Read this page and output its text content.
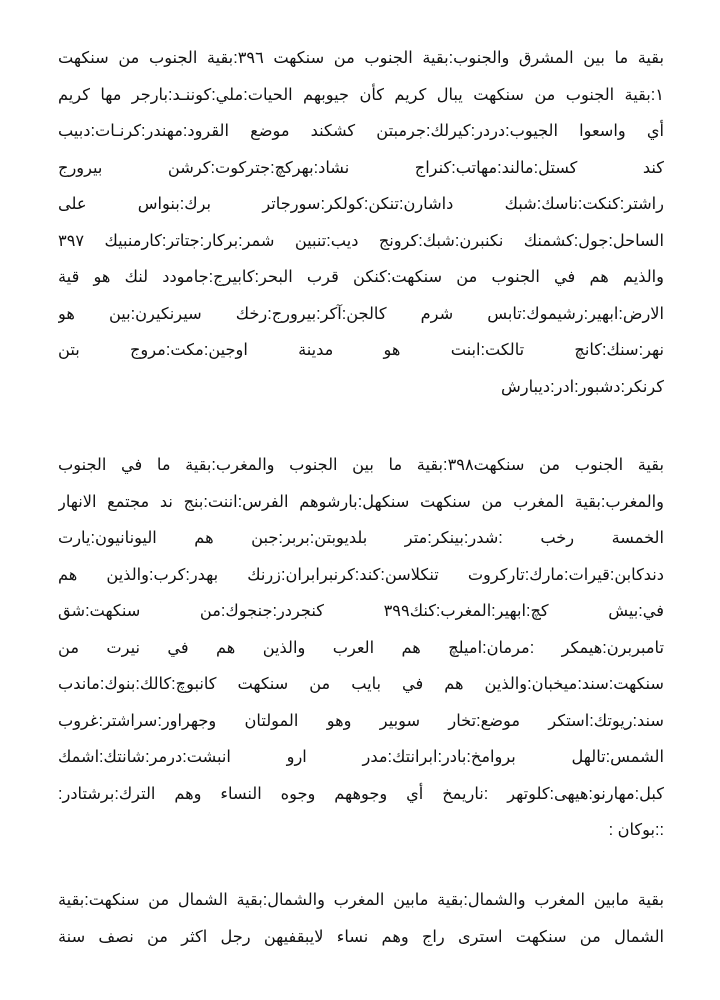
بقية ما بين المشرق والجنوب:بقية الجنوب من سنكهت ٣٩٦:بقية الجنوب من سنكهت
١:بقية الجنوب من سنكهت يبال كريم كأن جيوبهم الحيات:ملي:كوننـد:بارجر مها كريم
أي واسعوا الجيوب:دردر:كيرلك:جرمبتن كشكند موضع القرود:مهندر:كرنـات:دبيب
كند كستل:مالند:مهاتب:كنراج نشاد:بهركچ:جتركوت:كرشن بيرورج
راشتر:كنكت:ناسك:شبك داشارن:تنكن:كولكر:سورجاتر برك:بنواس على
الساحل:جول:كشمنك نكنبرن:شبك:كرونج ديب:تنبين شمر:بركار:جتاتر:كارمنبيك ٣٩٧
والذيم هم في الجنوب من سنكهت:كنكن قرب البحر:كابيرج:جامودد لنك هو قية
الارض:ابهير:رشيموك:تابس شرم كالجن:آكر:بيرورج:رخك سيرنكيرن:بين هو
نهر:سنك:كانچ تالكت:ابنت هو مدينة اوجين:مكت:مروج بتن
كرنكر:دشبور:ادر:ديبارش
بقية الجنوب من سنكهت٣٩٨:بقية ما بين الجنوب والمغرب:بقية ما في الجنوب
والمغرب:بقية المغرب من سنكهت سنكهل:بارشوهم الفرس:اننت:بنج ند مجتمع الانهار
الخمسة رخب :شدر:بينكر:متر بلديوبتن:بربر:جبن هم اليونانيون:يارت
دندكابن:قيرات:مارك:تاركروت تنكلاسن:كند:كرنبرابران:زرنك بهدر:كرب:والذين هم
في:بيش كچ:ابهير:المغرب:كنك٣٩٩ كنجردر:جنجوك:من سنكهت:شق
تامبربرن:هيمكر :مرمان:اميلچ هم العرب والذين هم في نيرت من
سنكهت:سند:ميخبان:والذين هم في بايب من سنكهت كانبوچ:كالك:بنوك:ماندب
سند:ريوتك:استكر موضع:تخار سوبير وهو المولتان وجهراور:سراشتر:غروب
الشمس:تالهل بروامخ:بادر:ابرانتك:مدر ارو انبشت:درمر:شانتك:اشمك
كبل:مهارنو:هيهى:كلوتهر :ناريمخ أي وجوههم وجوه النساء وهم الترك:برشتادر:
::بوكان :
بقية مابين المغرب والشمال:بقية مابين المغرب والشمال:بقية الشمال من سنكهت:بقية
الشمال من سنكهت استرى راج وهم نساء لايبقفيهن رجل اكثر من نصف سنة
